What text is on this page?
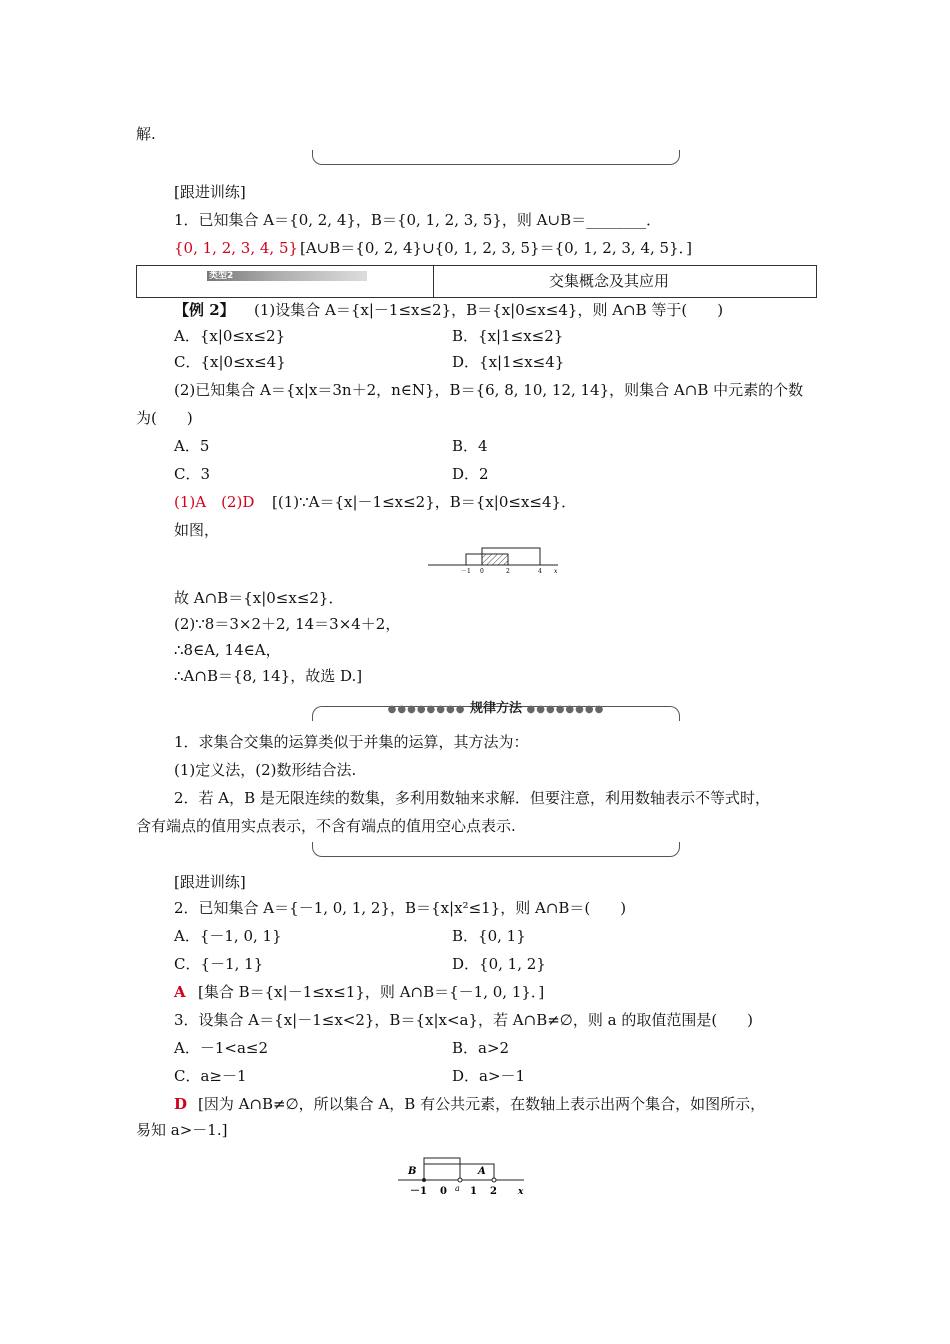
解.
[跟进训练]
1．已知集合 A＝{0, 2, 4}，B＝{0, 1, 2, 3, 5}，则 A∪B＝________．
{0, 1, 2, 3, 4, 5} [A∪B＝{0, 2, 4}∪{0, 1, 2, 3, 5}＝{0, 1, 2, 3, 4, 5}．]
类型2	交集概念及其应用
【例 2】 (1)设集合 A＝{x|－1≤x≤2}，B＝{x|0≤x≤4}，则 A∩B 等于(　　)
A．{x|0≤x≤2}	B．{x|1≤x≤2}
C．{x|0≤x≤4}	D．{x|1≤x≤4}
(2)已知集合 A＝{x|x＝3n＋2，n∈N}，B＝{6, 8, 10, 12, 14}，则集合 A∩B 中元素的个数
为(　　)
A．5	B．4
C．3	D．2
(1)A　(2)D [(1)∵A＝{x|－1≤x≤2}，B＝{x|0≤x≤4}．
如图，
－1 0	2	4 x
故 A∩B＝{x|0≤x≤2}．
(2)∵8＝3×2＋2, 14＝3×4＋2，
∴8∈A, 14∈A，
∴A∩B＝{8, 14}，故选 D.]
●●●●●●●● 规律方法 ●●●●●●●●
1．求集合交集的运算类似于并集的运算，其方法为：
(1)定义法，(2)数形结合法.
2．若 A，B 是无限连续的数集，多利用数轴来求解．但要注意，利用数轴表示不等式时，
含有端点的值用实点表示，不含有端点的值用空心点表示.
[跟进训练]
2．已知集合 A＝{－1, 0, 1, 2}，B＝{x|x²≤1}，则 A∩B＝(　　)
A．{－1, 0, 1}	B．{0, 1}
C．{－1, 1}	D．{0, 1, 2}
A [集合 B＝{x|－1≤x≤1}，则 A∩B＝{－1, 0, 1}．]
3．设集合 A＝{x|－1≤x<2}，B＝{x|x<a}，若 A∩B≠∅，则 a 的取值范围是(　　)
A．－1<a≤2	B．a>2
C．a≥－1	D．a>－1
D [因为 A∩B≠∅，所以集合 A，B 有公共元素，在数轴上表示出两个集合，如图所示，
易知 a>－1.]
B	A
－1 0 a 1 2 x
